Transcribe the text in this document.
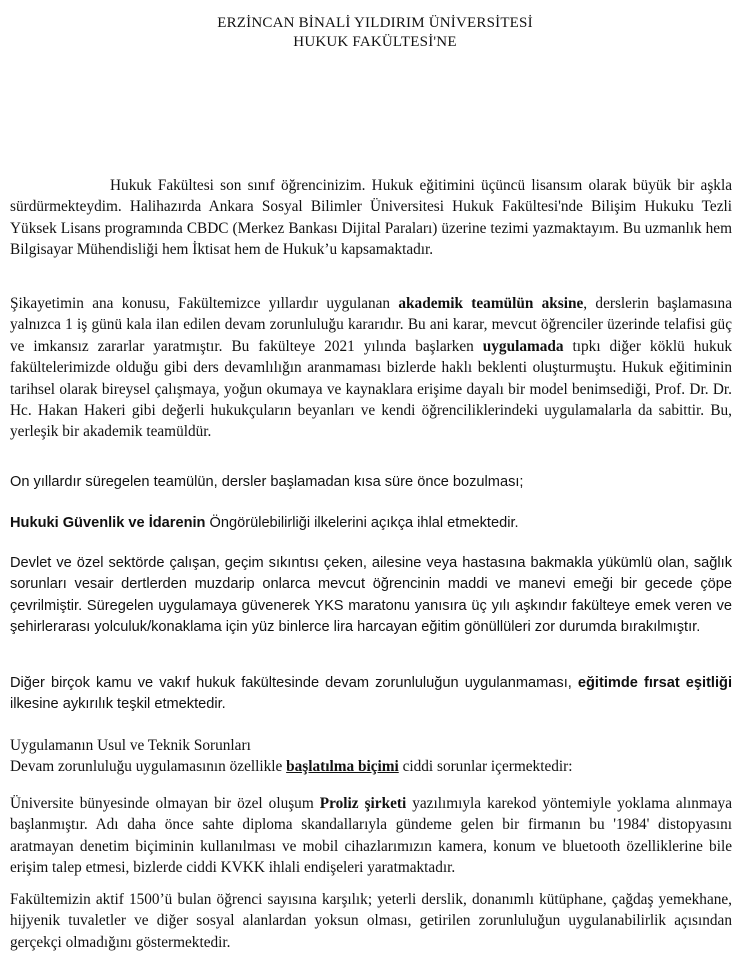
ERZİNCAN BİNALİ YILDIRIM ÜNİVERSİTESİ
HUKUK FAKÜLTESİ'NE
Hukuk Fakültesi son sınıf öğrencinizim. Hukuk eğitimini üçüncü lisansım olarak büyük bir aşkla sürdürmekteydim. Halihazırda Ankara Sosyal Bilimler Üniversitesi Hukuk Fakültesi'nde Bilişim Hukuku Tezli Yüksek Lisans programında CBDC (Merkez Bankası Dijital Paraları) üzerine tezimi yazmaktayım. Bu uzmanlık hem Bilgisayar Mühendisliği hem İktisat hem de Hukuk’u kapsamaktadır.
Şikayetimin ana konusu, Fakültemizce yıllardır uygulanan akademik teamülün aksine, derslerin başlamasına yalnızca 1 iş günü kala ilan edilen devam zorunluluğu kararıdır. Bu ani karar, mevcut öğrenciler üzerinde telafisi güç ve imkansız zararlar yaratmıştır. Bu fakülteye 2021 yılında başlarken uygulamada tıpkı diğer köklü hukuk fakültelerimizde olduğu gibi ders devamlılığın aranmaması bizlerde haklı beklenti oluşturmuştu. Hukuk eğitiminin tarihsel olarak bireysel çalışmaya, yoğun okumaya ve kaynaklara erişime dayalı bir model benimsediği, Prof. Dr. Dr. Hc. Hakan Hakeri gibi değerli hukukçuların beyanları ve kendi öğrenciliklerindeki uygulamalarla da sabittir. Bu, yerleşik bir akademik teamüldür.
On yıllardır süregelen teamülün, dersler başlamadan kısa süre önce bozulması;
Hukuki Güvenlik ve İdarenin Öngörülebilirliği ilkelerini açıkça ihlal etmektedir.
Devlet ve özel sektörde çalışan, geçim sıkıntısı çeken, ailesine veya hastasına bakmakla yükümlü olan, sağlık sorunları vesair dertlerden muzdarip onlarca mevcut öğrencinin maddi ve manevi emeği bir gecede çöpe çevrilmiştir. Süregelen uygulamaya güvenerek YKS maratonu yanısıra üç yılı aşkındır fakülteye emek veren ve şehirlerarası yolculuk/konaklama için yüz binlerce lira harcayan eğitim gönüllüleri zor durumda bırakılmıştır.
Diğer birçok kamu ve vakıf hukuk fakültesinde devam zorunluluğun uygulanmaması, eğitimde fırsat eşitliği ilkesine aykırılık teşkil etmektedir.
Uygulamanın Usul ve Teknik Sorunları
Devam zorunluluğu uygulamasının özellikle başlatılma biçimi ciddi sorunlar içermektedir:
Üniversite bünyesinde olmayan bir özel oluşum Proliz şirketi yazılımıyla karekod yöntemiyle yoklama alınmaya başlanmıştır. Adı daha önce sahte diploma skandallarıyla gündeme gelen bir firmanın bu '1984' distopyasını aratmayan denetim biçiminin kullanılması ve mobil cihazlarımızın kamera, konum ve bluetooth özelliklerine bile erişim talep etmesi, bizlerde ciddi KVKK ihlali endişeleri yaratmaktadır.
Fakültemizin aktif 1500’ü bulan öğrenci sayısına karşılık; yeterli derslik, donanımlı kütüphane, çağdaş yemekhane, hijyenik tuvaletler ve diğer sosyal alanlardan yoksun olması, getirilen zorunluluğun uygulanabilirlik açısından gerçekçi olmadığını göstermektedir.
